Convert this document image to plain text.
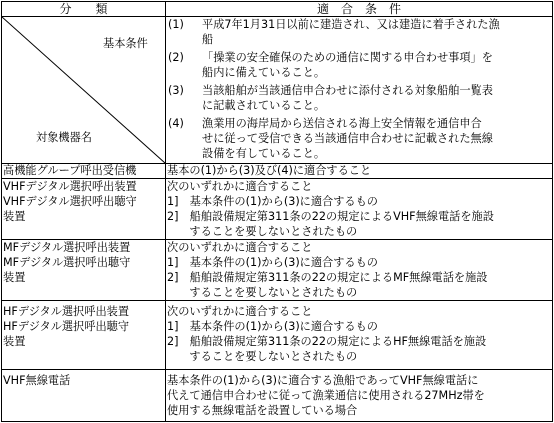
分　　類	適　合　条　件
基本条件
対象機器名
(1) 平成7年1月31日以前に建造され、又は建造に着手された漁
船
(2) 「操業の安全確保のための通信に関する申合わせ事項」を
船内に備えていること。
(3) 当該船舶が当該通信申合わせに添付される対象船舶一覧表
に記載されていること。
(4) 漁業用の海岸局から送信される海上安全情報を通信申合
せに従って受信できる当該通信申合わせに記載された無線
設備を有していること。
高機能グループ呼出受信機	基本の(1)から(3)及び(4)に適合すること
VHFデジタル選択呼出装置
VHFデジタル選択呼出聴守
装置
次のいずれかに適合すること
1]　基本条件の(1)から(3)に適合するもの
2]　船舶設備規定第311条の22の規定によるVHF無線電話を施設
　　することを要しないとされたもの
MFデジタル選択呼出装置
MFデジタル選択呼出聴守
装置
次のいずれかに適合すること
1]　基本条件の(1)から(3)に適合するもの
2]　船舶設備規定第311条の22の規定によるMF無線電話を施設
　　することを要しないとされたもの
HFデジタル選択呼出装置
HFデジタル選択呼出聴守
装置
次のいずれかに適合すること
1]　基本条件の(1)から(3)に適合するもの
2]　船舶設備規定第311条の22の規定によるHF無線電話を施設
　　することを要しないとされたもの
VHF無線電話	基本条件の(1)から(3)に適合する漁船であってVHF無線電話に
代えて通信申合わせに従って漁業通信に使用される27MHz帯を
使用する無線電話を設置している場合
